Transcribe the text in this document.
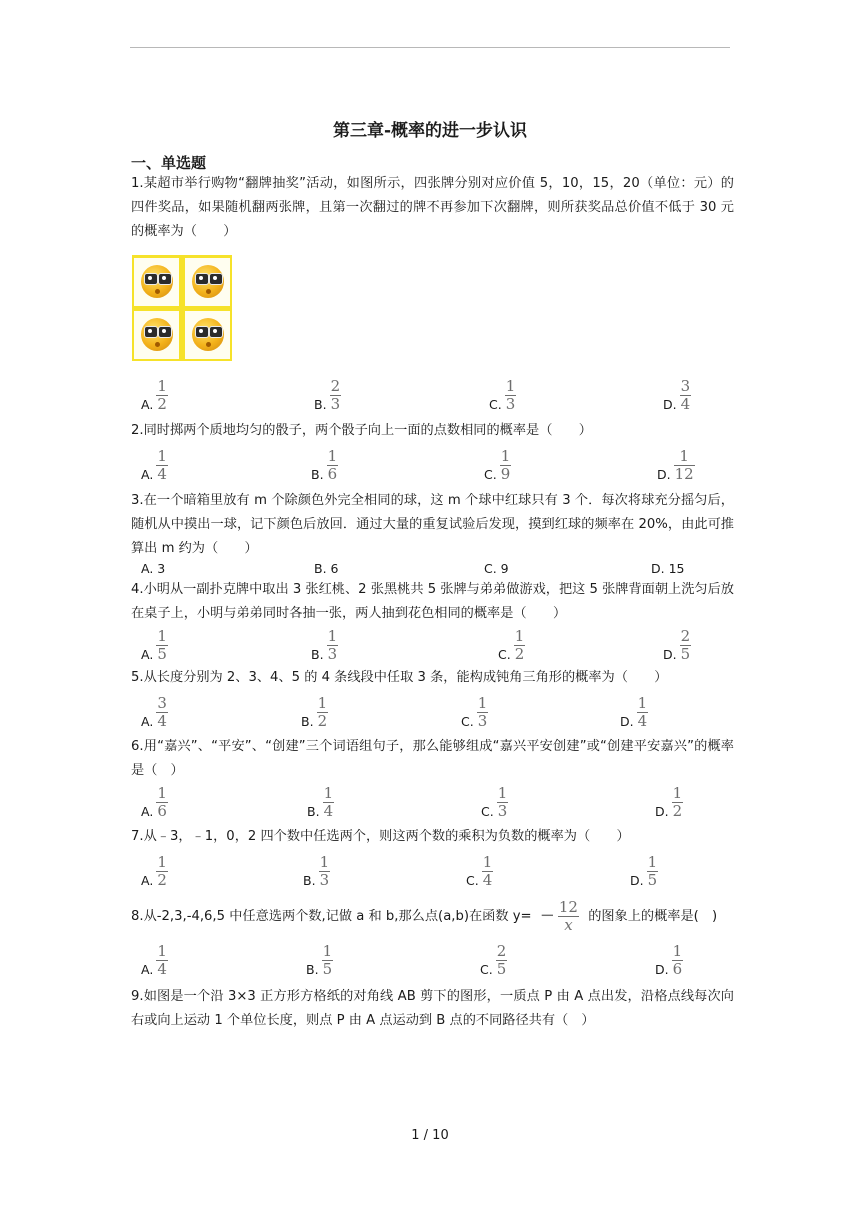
第三章-概率的进一步认识
一、单选题
1.某超市举行购物“翻牌抽奖”活动，如图所示，四张牌分别对应价值 5，10，15，20（单位：元）的四件奖品，如果随机翻两张牌，且第一次翻过的牌不再参加下次翻牌，则所获奖品总价值不低于 30 元的概率为（　　）
2.同时掷两个质地均匀的骰子，两个骰子向上一面的点数相同的概率是（　　）
3.在一个暗箱里放有 m 个除颜色外完全相同的球，这 m 个球中红球只有 3 个．每次将球充分摇匀后，随机从中摸出一球，记下颜色后放回．通过大量的重复试验后发现，摸到红球的频率在 20%，由此可推算出 m 约为（　　）
4.小明从一副扑克牌中取出 3 张红桃、2 张黑桃共 5 张牌与弟弟做游戏，把这 5 张牌背面朝上洗匀后放在桌子上，小明与弟弟同时各抽一张，两人抽到花色相同的概率是（　　）
5.从长度分别为 2、3、4、5 的 4 条线段中任取 3 条，能构成钝角三角形的概率为（　　）
6.用“嘉兴”、“平安”、“创建”三个词语组句子，那么能够组成“嘉兴平安创建”或“创建平安嘉兴”的概率是（　）
7.从﹣3，﹣1，0，2 四个数中任选两个，则这两个数的乘积为负数的概率为（　　）
8.从-2,3,-4,6,5 中任意选两个数,记做 a 和 b,那么点(a,b)在函数 $y= - \frac{12}{x}$ 的图象上的概率是(　)
9.如图是一个沿 3×3 正方形方格纸的对角线 AB 剪下的图形，一质点 P 由 A 点出发，沿格点线每次向右或向上运动 1 个单位长度，则点 P 由 A 点运动到 B 点的不同路径共有（　）
1 / 10
A. $\frac{1}{2}$	B. $\frac{2}{3}$	C. $\frac{1}{3}$	D. $\frac{3}{4}$
A. $\frac{1}{4}$	B. $\frac{1}{6}$	C. $\frac{1}{9}$	D. $\frac{1}{12}$
A. 3	B. 6	C. 9	D. 15
A. $\frac{1}{5}$	B. $\frac{1}{3}$	C. $\frac{1}{2}$	D. $\frac{2}{5}$
A. $\frac{3}{4}$	B. $\frac{1}{2}$	C. $\frac{1}{3}$	D. $\frac{1}{4}$
A. $\frac{1}{6}$	B. $\frac{1}{4}$	C. $\frac{1}{3}$	D. $\frac{1}{2}$
A. $\frac{1}{2}$	B. $\frac{1}{3}$	C. $\frac{1}{4}$	D. $\frac{1}{5}$
A. $\frac{1}{4}$	B. $\frac{1}{5}$	C. $\frac{2}{5}$	D. $\frac{1}{6}$
